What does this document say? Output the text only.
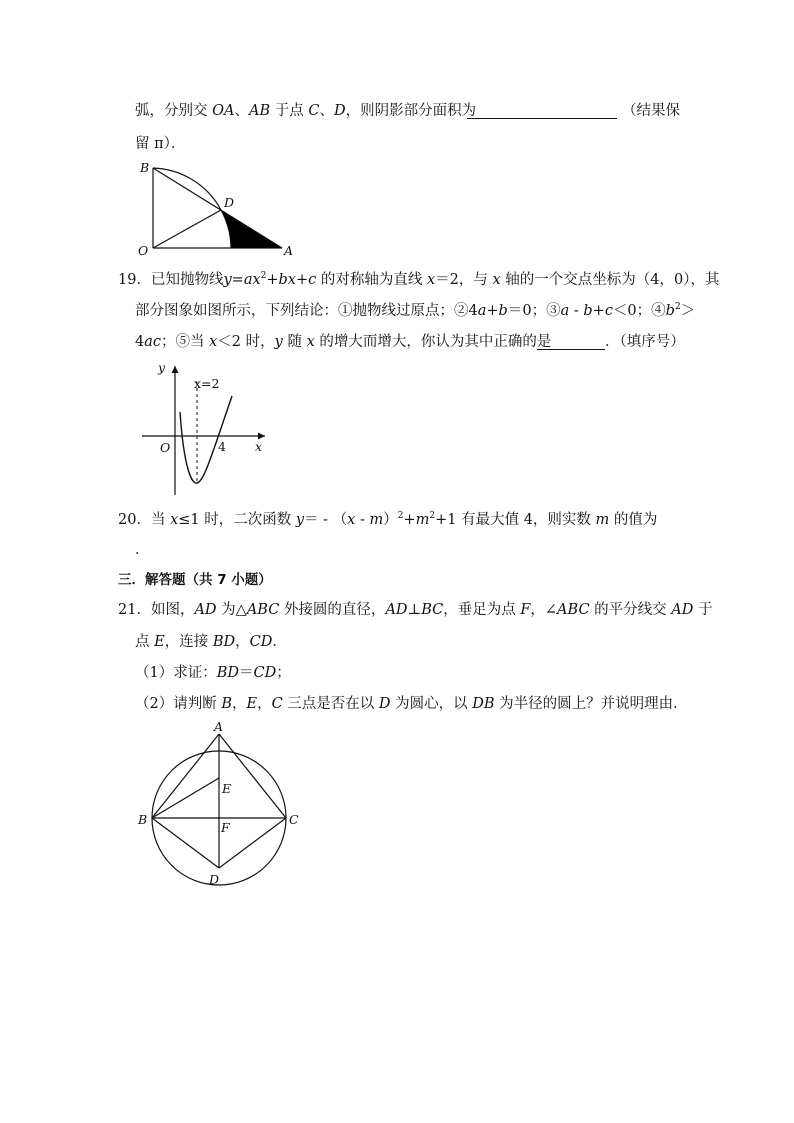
弧，分别交 OA、AB 于点 C、D，则阴影部分面积为	（结果保
留 π）．
B
D
O	A
19．已知抛物线$y=ax^2+bx+c$ 的对称轴为直线 x＝2，与 x 轴的一个交点坐标为（4，0），其
部分图象如图所示，下列结论：①抛物线过原点；②4a+b＝0；③a - b+c＜0；$④b^2>$
4ac；⑤当 x＜2 时，y 随 x 的增大而增大，你认为其中正确的是	．（填序号）
y
x=2
O	4 x
20．当 x≤1 时，二次函数 $y= - (x - m)^2+m^2+1$ 有最大值 4，则实数 m 的值为
．
三．解答题（共 7 小题）
21．如图，AD 为△ABC 外接圆的直径，AD⊥BC，垂足为点 F，∠ABC 的平分线交 AD 于
点 E，连接 BD，CD．
（1）求证：BD＝CD；
（2）请判断 B，E，C 三点是否在以 D 为圆心，以 DB 为半径的圆上？并说明理由．
A
E
B
F
C
D
